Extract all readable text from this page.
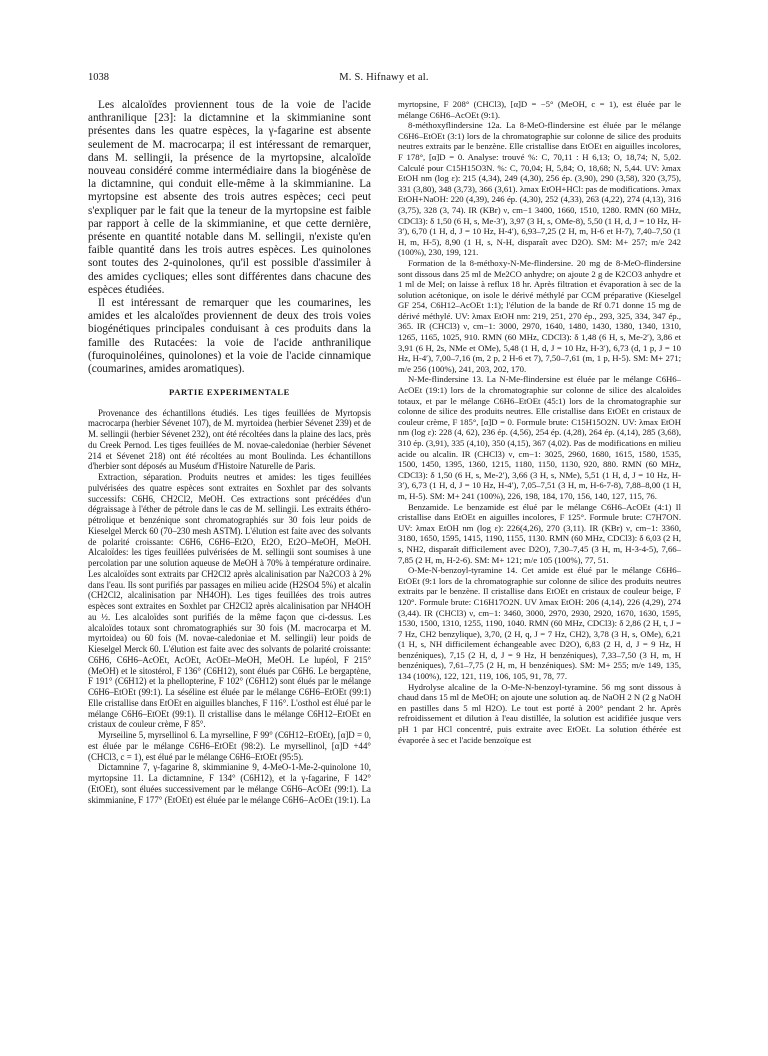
1038	M. S. Hifnawy et al.

Les alcaloïdes proviennent tous de la voie de l'acide anthranilique [23]: la dictamnine et la skimmianine sont présentes dans les quatre espèces, la γ-fagarine est absente seulement de M. macrocarpa; il est intéressant de remarquer, dans M. sellingii, la présence de la myrtopsine, alcaloïde nouveau considéré comme intermédiaire dans la biogénèse de la dictamnine, qui conduit elle-même à la skimmianine. La myrtopsine est absente des trois autres espèces; ceci peut s'expliquer par le fait que la teneur de la myrtopsine est faible par rapport à celle de la skimmianine, et que cette dernière, présente en quantité notable dans M. sellingii, n'existe qu'en faible quantité dans les trois autres espèces. Les quinolones sont toutes des 2-quinolones, qu'il est possible d'assimiler à des amides cycliques; elles sont différentes dans chacune des espèces étudiées.

Il est intéressant de remarquer que les coumarines, les amides et les alcaloïdes proviennent de deux des trois voies biogénétiques principales conduisant à ces produits dans la famille des Rutacées: la voie de l'acide anthranilique (furoquinoléines, quinolones) et la voie de l'acide cinnamique (coumarines, amides aromatiques).

PARTIE EXPERIMENTALE

Provenance des échantillons étudiés. Les tiges feuillées de Myrtopsis macrocarpa (herbier Sévenet 107), de M. myrtoidea (herbier Sévenet 239) et de M. sellingii (herbier Sévenet 232), ont été récoltées dans la plaine des lacs, près du Creek Pernod. Les tiges feuillées de M. novae-caledoniae (herbier Sévenet 214 et Sévenet 218) ont été récoltées au mont Boulinda. Les échantillons d'herbier sont déposés au Muséum d'Histoire Naturelle de Paris.

Extraction, séparation. Produits neutres et amides: les tiges feuillées pulvérisées des quatre espèces sont extraites en Soxhlet par des solvants successifs: C6H6, CH2Cl2, MeOH. Ces extractions sont précédées d'un dégraissage à l'éther de pétrole dans le cas de M. sellingii. Les extraits éthéro-pétrolique et benzénique sont chromatographiés sur 30 fois leur poids de Kieselgel Merck 60 (70–230 mesh ASTM). L'élution est faite avec des solvants de polarité croissante: C6H6, C6H6–Et2O, Et2O, Et2O–MeOH, MeOH. Alcaloïdes: les tiges feuillées pulvérisées de M. sellingii sont soumises à une percolation par une solution aqueuse de MeOH à 70% à température ordinaire. Les alcaloïdes sont extraits par CH2Cl2 après alcalinisation par Na2CO3 à 2% dans l'eau. Ils sont purifiés par passages en milieu acide (H2SO4 5%) et alcalin (CH2Cl2, alcalinisation par NH4OH). Les tiges feuillées des trois autres espèces sont extraites en Soxhlet par CH2Cl2 après alcalinisation par NH4OH au ½. Les alcaloïdes sont purifiés de la même façon que ci-dessus. Les alcaloïdes totaux sont chromatographiés sur 30 fois (M. macrocarpa et M. myrtoidea) ou 60 fois (M. novae-caledoniae et M. sellingii) leur poids de Kieselgel Merck 60. L'élution est faite avec des solvants de polarité croissante: C6H6, C6H6–AcOEt, AcOEt, AcOEt–MeOH, MeOH. Le lupéol, F 215° (MeOH) et le sitostérol, F 136° (C6H12), sont élués par C6H6. Le bergaptène, F 191° (C6H12) et la phellopterine, F 102° (C6H12) sont élués par le mélange C6H6–EtOEt (99:1). La séséline est éluée par le mélange C6H6–EtOEt (99:1) Elle cristallise dans EtOEt en aiguilles blanches, F 116°. L'osthol est élué par le mélange C6H6–EtOEt (99:1). Il cristallise dans le mélange C6H12–EtOEt en cristaux de couleur crème, F 85°.

Myrseiline 5, myrsellinol 6. La myrselline, F 99° (C6H12–EtOEt), [α]D = 0, est éluée par le mélange C6H6–EtOEt (98:2). Le myrsellinol, [α]D +44° (CHCl3, c = 1), est élué par le mélange C6H6–EtOEt (95:5).

Dictamnine 7, γ-fagarine 8, skimmianine 9, 4-MeO-1-Me-2-quinolone 10, myrtopsine 11. La dictamnine, F 134° (C6H12), et la γ-fagarine, F 142° (EtOEt), sont éluées successivement par le mélange C6H6–AcOEt (99:1). La skimmianine, F 177° (EtOEt) est éluée par le mélange C6H6–AcOEt (19:1). La

myrtopsine, F 208° (CHCl3), [α]D = −5° (MeOH, c = 1), est éluée par le mélange C6H6–AcOEt (9:1).

8-méthoxyflindersine 12a. La 8-MeO-flindersine est éluée par le mélange C6H6–EtOEt (3:1) lors de la chromatographie sur colonne de silice des produits neutres extraits par le benzène. Elle cristallise dans EtOEt en aiguilles incolores, F 178°, [α]D = 0. Analyse: trouvé %: C, 70,11 : H 6,13; O, 18,74; N, 5,02. Calculé pour C15H15O3N. %: C, 70,04; H, 5,84; O, 18,68; N, 5,44. UV: λmax EtOH nm (log ε): 215 (4,34), 249 (4,30), 256 ép. (3,90), 290 (3,58), 320 (3,75), 331 (3,80), 348 (3,73), 366 (3,61). λmax EtOH+HCl: pas de modifications. λmax EtOH+NaOH: 220 (4,39), 246 ép. (4,30), 252 (4,33), 263 (4,22), 274 (4,13), 316 (3,75), 328 (3, 74). IR (KBr) ν, cm−1 3400, 1660, 1510, 1280. RMN (60 MHz, CDCl3): δ 1,50 (6 H, s, Me-3′), 3,97 (3 H, s, OMe-8), 5,50 (1 H, d, J = 10 Hz, H-3′), 6,70 (1 H, d, J = 10 Hz, H-4′), 6,93–7,25 (2 H, m, H-6 et H-7), 7,40–7,50 (1 H, m, H-5), 8,90 (1 H, s, N-H, disparaît avec D2O). SM: M+ 257; m/e 242 (100%), 230, 199, 121.

Formation de la 8-méthoxy-N-Me-flindersine. 20 mg de 8-MeO-flindersine sont dissous dans 25 ml de Me2CO anhydre; on ajoute 2 g de K2CO3 anhydre et 1 ml de MeI; on laisse à reflux 18 hr. Après filtration et évaporation à sec de la solution acétonique, on isole le dérivé méthylé par CCM préparative (Kieselgel GF 254, C6H12–AcOEt 1:1); l'élution de la bande de Rf 0.71 donne 15 mg de dérivé méthylé. UV: λmax EtOH nm: 219, 251, 270 ép., 293, 325, 334, 347 ép., 365. IR (CHCl3) ν, cm−1: 3000, 2970, 1640, 1480, 1430, 1380, 1340, 1310, 1265, 1165, 1025, 910. RMN (60 MHz, CDCl3): δ 1,48 (6 H, s, Me-2′), 3,86 et 3,91 (6 H, 2s, NMe et OMe), 5,48 (1 H, d, J = 10 Hz, H-3′), 6,73 (d, 1 p, J = 10 Hz, H-4′), 7,00–7,16 (m, 2 p, 2 H-6 et 7), 7,50–7,61 (m, 1 p, H-5). SM: M+ 271; m/e 256 (100%), 241, 203, 202, 170.

N-Me-flindersine 13. La N-Me-flindersine est éluée par le mélange C6H6–AcOEt (19:1) lors de la chromatographie sur colonne de silice des alcaloïdes totaux, et par le mélange C6H6–EtOEt (45:1) lors de la chromatographie sur colonne de silice des produits neutres. Elle cristallise dans EtOEt en cristaux de couleur crème, F 185°, [α]D = 0. Formule brute: C15H15O2N. UV: λmax EtOH nm (log ε): 228 (4, 62), 236 ép. (4,56), 254 ép. (4,28), 264 ép. (4,14), 285 (3,68), 310 ép. (3,91), 335 (4,10), 350 (4,15), 367 (4,02). Pas de modifications en milieu acide ou alcalin. IR (CHCl3) ν, cm−1: 3025, 2960, 1680, 1615, 1580, 1535, 1500, 1450, 1395, 1360, 1215, 1180, 1150, 1130, 920, 880. RMN (60 MHz, CDCl3): δ 1,50 (6 H, s, Me-2′), 3,66 (3 H, s, NMe), 5,51 (1 H, d, J = 10 Hz, H-3′), 6,73 (1 H, d, J = 10 Hz, H-4′), 7,05–7,51 (3 H, m, H-6-7-8), 7,88–8,00 (1 H, m, H-5). SM: M+ 241 (100%), 226, 198, 184, 170, 156, 140, 127, 115, 76.

Benzamide. Le benzamide est élué par le mélange C6H6–AcOEt (4:1) Il cristallise dans EtOEt en aiguilles incolores, F 125°. Formule brute: C7H7ON. UV: λmax EtOH nm (log ε): 226(4,26), 270 (3,11). IR (KBr) ν, cm−1: 3360, 3180, 1650, 1595, 1415, 1190, 1155, 1130. RMN (60 MHz, CDCl3): δ 6,03 (2 H, s, NH2, disparaît difficilement avec D2O), 7,30–7,45 (3 H, m, H-3-4-5), 7,66–7,85 (2 H, m, H-2-6). SM: M+ 121; m/e 105 (100%), 77, 51.

O-Me-N-benzoyl-tyramine 14. Cet amide est élué par le mélange C6H6–EtOEt (9:1 lors de la chromatographie sur colonne de silice des produits neutres extraits par le benzène. Il cristallise dans EtOEt en cristaux de couleur beige, F 120°. Formule brute: C16H17O2N. UV λmax EtOH: 206 (4,14), 226 (4,29), 274 (3,44). IR (CHCl3) ν, cm−1: 3460, 3000, 2970, 2930, 2920, 1670, 1630, 1595, 1530, 1500, 1310, 1255, 1190, 1040. RMN (60 MHz, CDCl3): δ 2,86 (2 H, t, J = 7 Hz, CH2 benzylique), 3,70, (2 H, q, J = 7 Hz, CH2), 3,78 (3 H, s, OMe), 6,21 (1 H, s, NH difficilement échangeable avec D2O), 6,83 (2 H, d, J = 9 Hz, H benzéniques), 7,15 (2 H, d, J = 9 Hz, H benzéniques), 7,33–7,50 (3 H, m, H benzéniques), 7,61–7,75 (2 H, m, H benzéniques). SM: M+ 255; m/e 149, 135, 134 (100%), 122, 121, 119, 106, 105, 91, 78, 77.

Hydrolyse alcaline de la O-Me-N-benzoyl-tyramine. 56 mg sont dissous à chaud dans 15 ml de MeOH; on ajoute une solution aq. de NaOH 2 N (2 g NaOH en pastilles dans 5 ml H2O). Le tout est porté à 200° pendant 2 hr. Après refroidissement et dilution à l'eau distillée, la solution est acidifiée jusque vers pH 1 par HCl concentré, puis extraite avec EtOEt. La solution éthérée est évaporée à sec et l'acide benzoïque est
